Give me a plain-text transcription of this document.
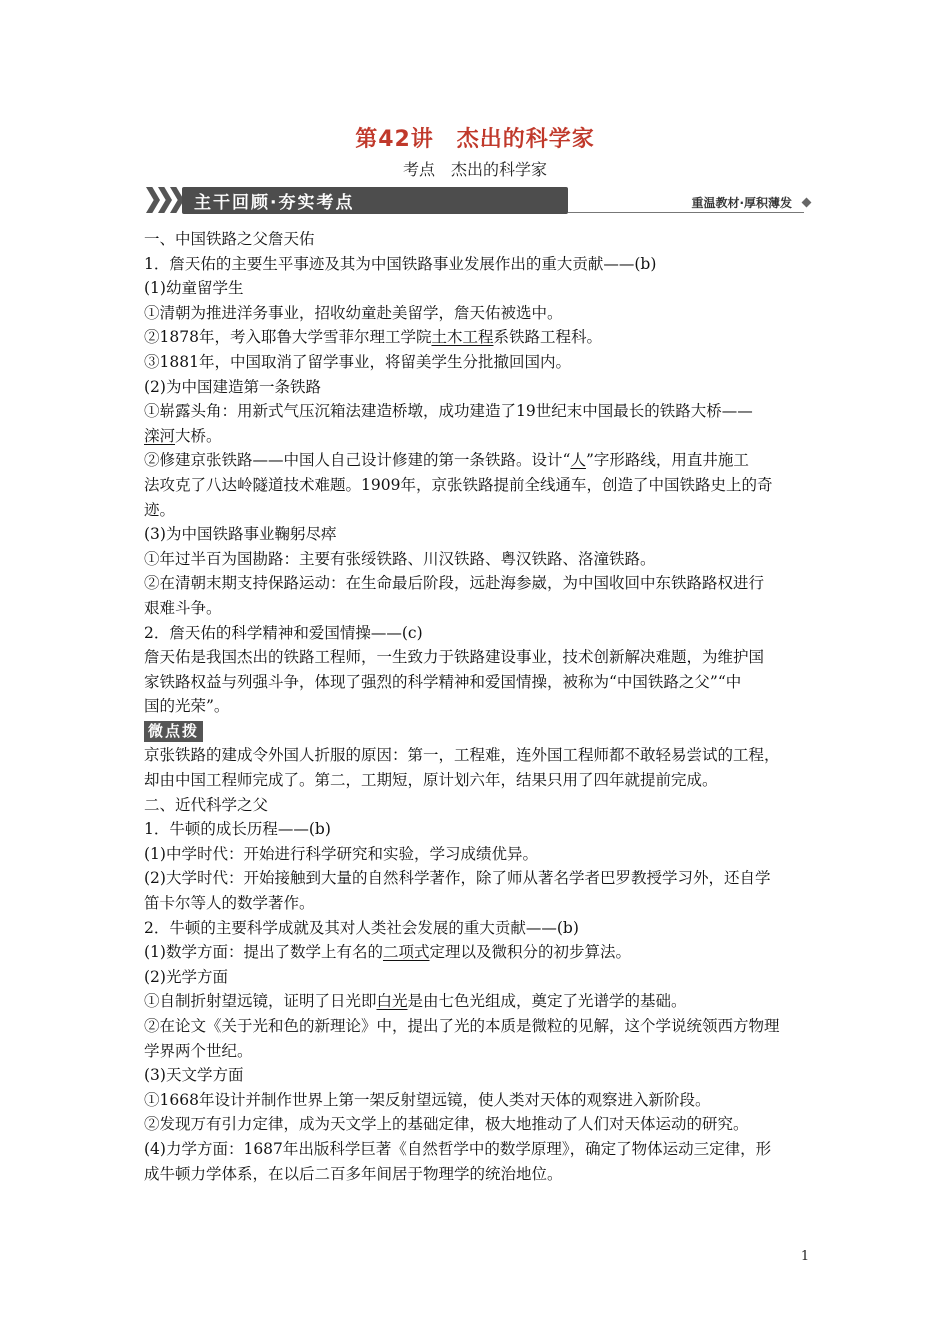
第42讲　杰出的科学家
考点　杰出的科学家
主干回顾·夯实考点	重温教材·厚积薄发
一、中国铁路之父詹天佑
1．詹天佑的主要生平事迹及其为中国铁路事业发展作出的重大贡献——(b)
(1)幼童留学生
①清朝为推进洋务事业，招收幼童赴美留学，詹天佑被选中。
②1878年，考入耶鲁大学雪菲尔理工学院土木工程系铁路工程科。
③1881年，中国取消了留学事业，将留美学生分批撤回国内。
(2)为中国建造第一条铁路
①崭露头角：用新式气压沉箱法建造桥墩，成功建造了19世纪末中国最长的铁路大桥——
滦河大桥。
②修建京张铁路——中国人自己设计修建的第一条铁路。设计“人”字形路线，用直井施工
法攻克了八达岭隧道技术难题。1909年，京张铁路提前全线通车，创造了中国铁路史上的奇
迹。
(3)为中国铁路事业鞠躬尽瘁
①年过半百为国勘路：主要有张绥铁路、川汉铁路、粤汉铁路、洛潼铁路。
②在清朝末期支持保路运动：在生命最后阶段，远赴海参崴，为中国收回中东铁路路权进行
艰难斗争。
2．詹天佑的科学精神和爱国情操——(c)
詹天佑是我国杰出的铁路工程师，一生致力于铁路建设事业，技术创新解决难题，为维护国
家铁路权益与列强斗争，体现了强烈的科学精神和爱国情操，被称为“中国铁路之父”“中
国的光荣”。
微点拨
京张铁路的建成令外国人折服的原因：第一，工程难，连外国工程师都不敢轻易尝试的工程，
却由中国工程师完成了。第二，工期短，原计划六年，结果只用了四年就提前完成。
二、近代科学之父
1．牛顿的成长历程——(b)
(1)中学时代：开始进行科学研究和实验，学习成绩优异。
(2)大学时代：开始接触到大量的自然科学著作，除了师从著名学者巴罗教授学习外，还自学
笛卡尔等人的数学著作。
2．牛顿的主要科学成就及其对人类社会发展的重大贡献——(b)
(1)数学方面：提出了数学上有名的二项式定理以及微积分的初步算法。
(2)光学方面
①自制折射望远镜，证明了日光即白光是由七色光组成，奠定了光谱学的基础。
②在论文《关于光和色的新理论》中，提出了光的本质是微粒的见解，这个学说统领西方物理
学界两个世纪。
(3)天文学方面
①1668年设计并制作世界上第一架反射望远镜，使人类对天体的观察进入新阶段。
②发现万有引力定律，成为天文学上的基础定律，极大地推动了人们对天体运动的研究。
(4)力学方面：1687年出版科学巨著《自然哲学中的数学原理》，确定了物体运动三定律，形
成牛顿力学体系，在以后二百多年间居于物理学的统治地位。
1
